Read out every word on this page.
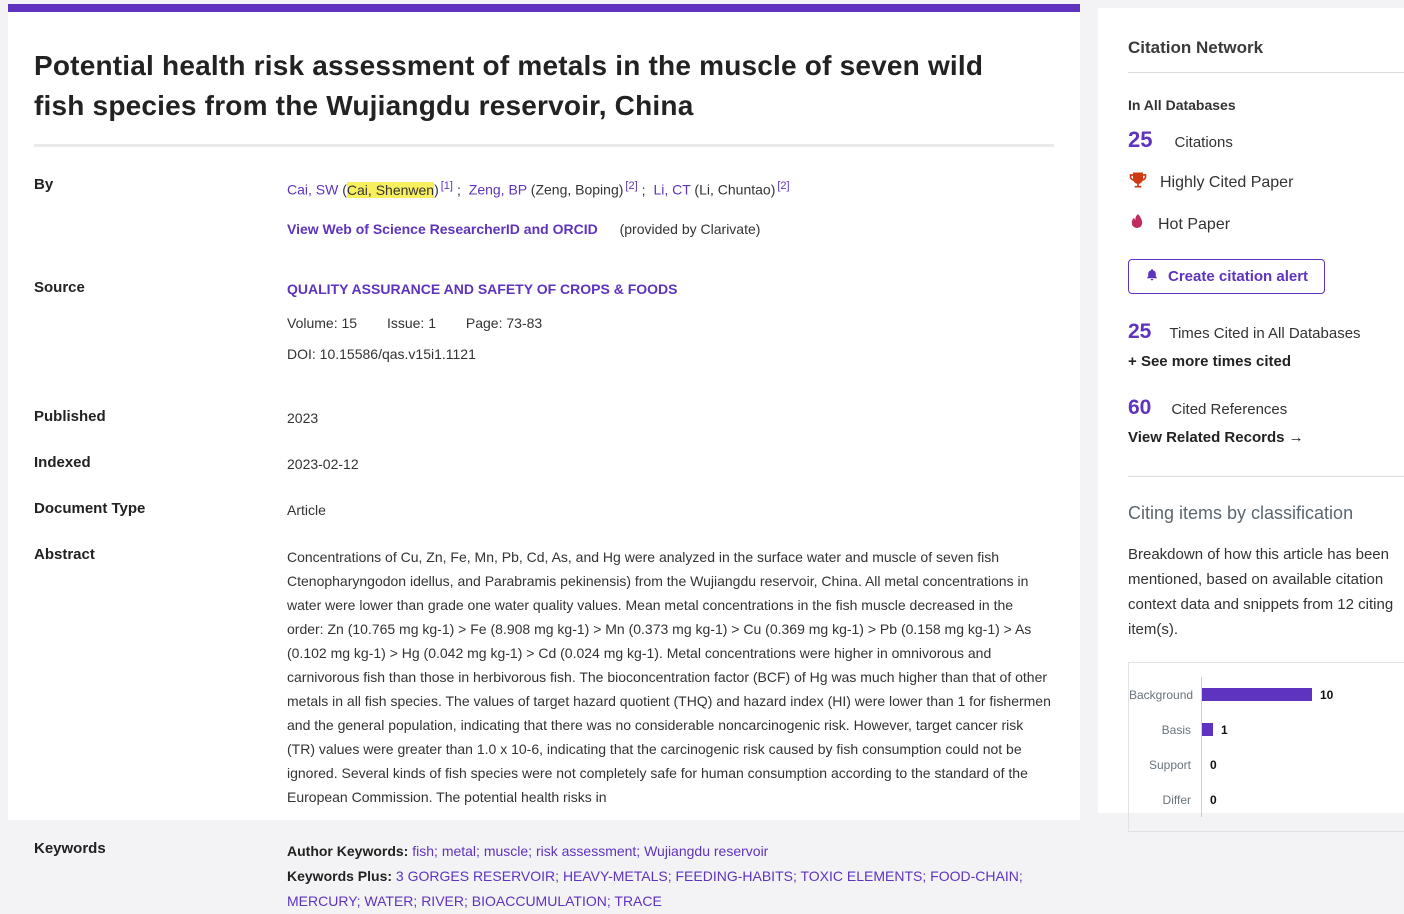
Potential health risk assessment of metals in the muscle of seven wild fish species from the Wujiangdu reservoir, China
By	Cai, SW (Cai, Shenwen) [1] ; Zeng, BP (Zeng, Boping) [2] ; Li, CT (Li, Chuntao) [2]
View Web of Science ResearcherID and ORCID (provided by Clarivate)
Source	QUALITY ASSURANCE AND SAFETY OF CROPS & FOODS
Volume: 15 Issue: 1 Page: 73-83
DOI: 10.15586/qas.v15i1.1121
Published	2023
Indexed	2023-02-12
Document Type	Article
Abstract	Concentrations of Cu, Zn, Fe, Mn, Pb, Cd, As, and Hg were analyzed in the surface water and muscle of seven fish Ctenopharyngodon idellus, and Parabramis pekinensis) from the Wujiangdu reservoir, China. All metal concentrations in water were lower than grade one water quality values. Mean metal concentrations in the fish muscle decreased in the order: Zn (10.765 mg kg-1) > Fe (8.908 mg kg-1) > Mn (0.373 mg kg-1) > Cu (0.369 mg kg-1) > Pb (0.158 mg kg-1) > As (0.102 mg kg-1) > Hg (0.042 mg kg-1) > Cd (0.024 mg kg-1). Metal concentrations were higher in omnivorous and carnivorous fish than those in herbivorous fish. The bioconcentration factor (BCF) of Hg was much higher than that of other metals in all fish species. The values of target hazard quotient (THQ) and hazard index (HI) were lower than 1 for fishermen and the general population, indicating that there was no considerable noncarcinogenic risk. However, target cancer risk (TR) values were greater than 1.0 x 10-6, indicating that the carcinogenic risk caused by fish consumption could not be ignored. Several kinds of fish species were not completely safe for human consumption according to the standard of the European Commission. The potential health risks in

Keywords	Author Keywords: fish; metal; muscle; risk assessment; Wujiangdu reservoir
Keywords Plus: 3 GORGES RESERVOIR; HEAVY-METALS; FEEDING-HABITS; TOXIC ELEMENTS; FOOD-CHAIN; MERCURY; WATER; RIVER; BIOACCUMULATION; TRACE
Citation Network
In All Databases
25 Citations
Highly Cited Paper
Hot Paper
Create citation alert
25 Times Cited in All Databases
+ See more times cited
60 Cited References
View Related Records →
Citing items by classification

Breakdown of how this article has been mentioned, based on available citation context data and snippets from 12 citing item(s).

Background	10
Basis	1
Support	0
Differ	0
